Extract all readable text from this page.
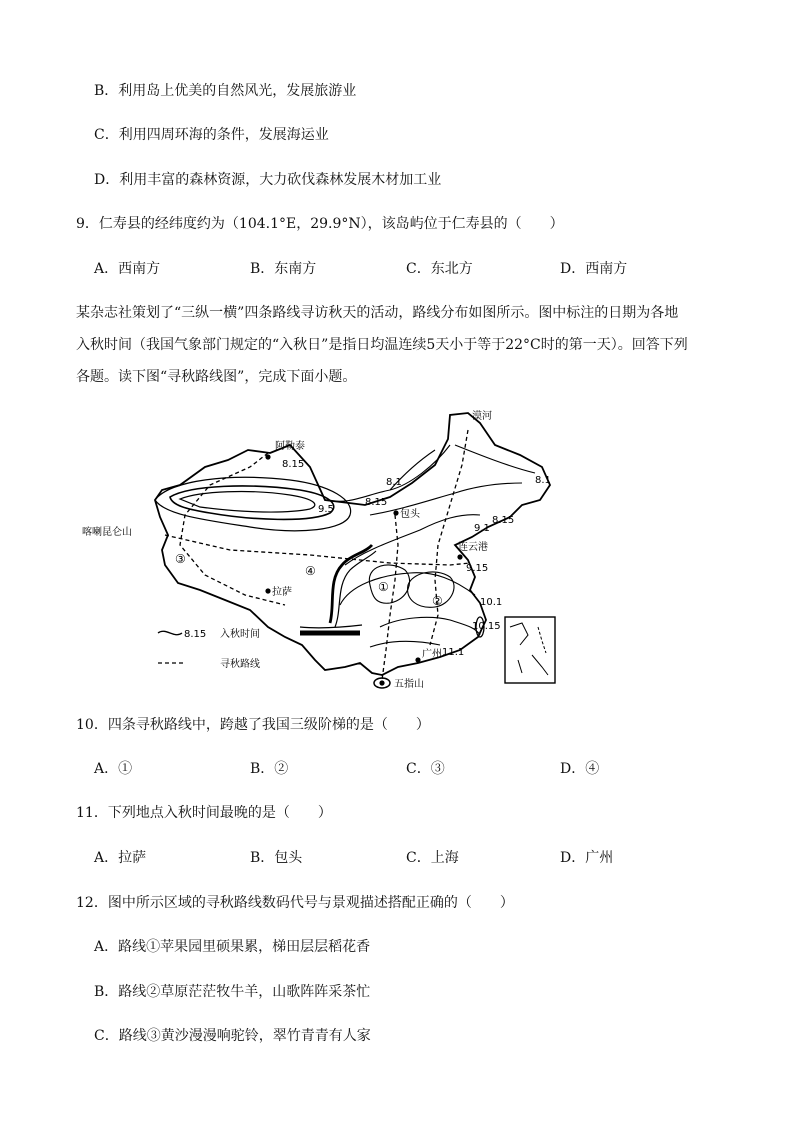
B．利用岛上优美的自然风光，发展旅游业
C．利用四周环海的条件，发展海运业
D．利用丰富的森林资源，大力砍伐森林发展木材加工业
9．仁寿县的经纬度约为（104.1°E，29.9°N），该岛屿位于仁寿县的（　　）
A．西南方	B．东南方	C．东北方	D．西南方
某杂志社策划了“三纵一横”四条路线寻访秋天的活动，路线分布如图所示。图中标注的日期为各地
入秋时间（我国气象部门规定的“入秋日”是指日均温连续5天小于等于22°C时的第一天）。回答下列
各题。读下图“寻秋路线图”，完成下面小题。
漠河
阿勒泰
喀喇昆仑山
包头
连云港
拉萨
广州
五指山
8.1	8.1
8.15
8.15
8.15
9.5
9.1
9.15
10.1
10.15
11.1
①
②
③
④
8.15 入秋时间
寻秋路线
10．四条寻秋路线中，跨越了我国三级阶梯的是（　　）
A．①	B．②	C．③	D．④
11．下列地点入秋时间最晚的是（　　）
A．拉萨	B．包头	C．上海	D．广州
12．图中所示区域的寻秋路线数码代号与景观描述搭配正确的（　　）
A．路线①苹果园里硕果累，梯田层层稻花香
B．路线②草原茫茫牧牛羊，山歌阵阵采茶忙
C．路线③黄沙漫漫响驼铃，翠竹青青有人家
